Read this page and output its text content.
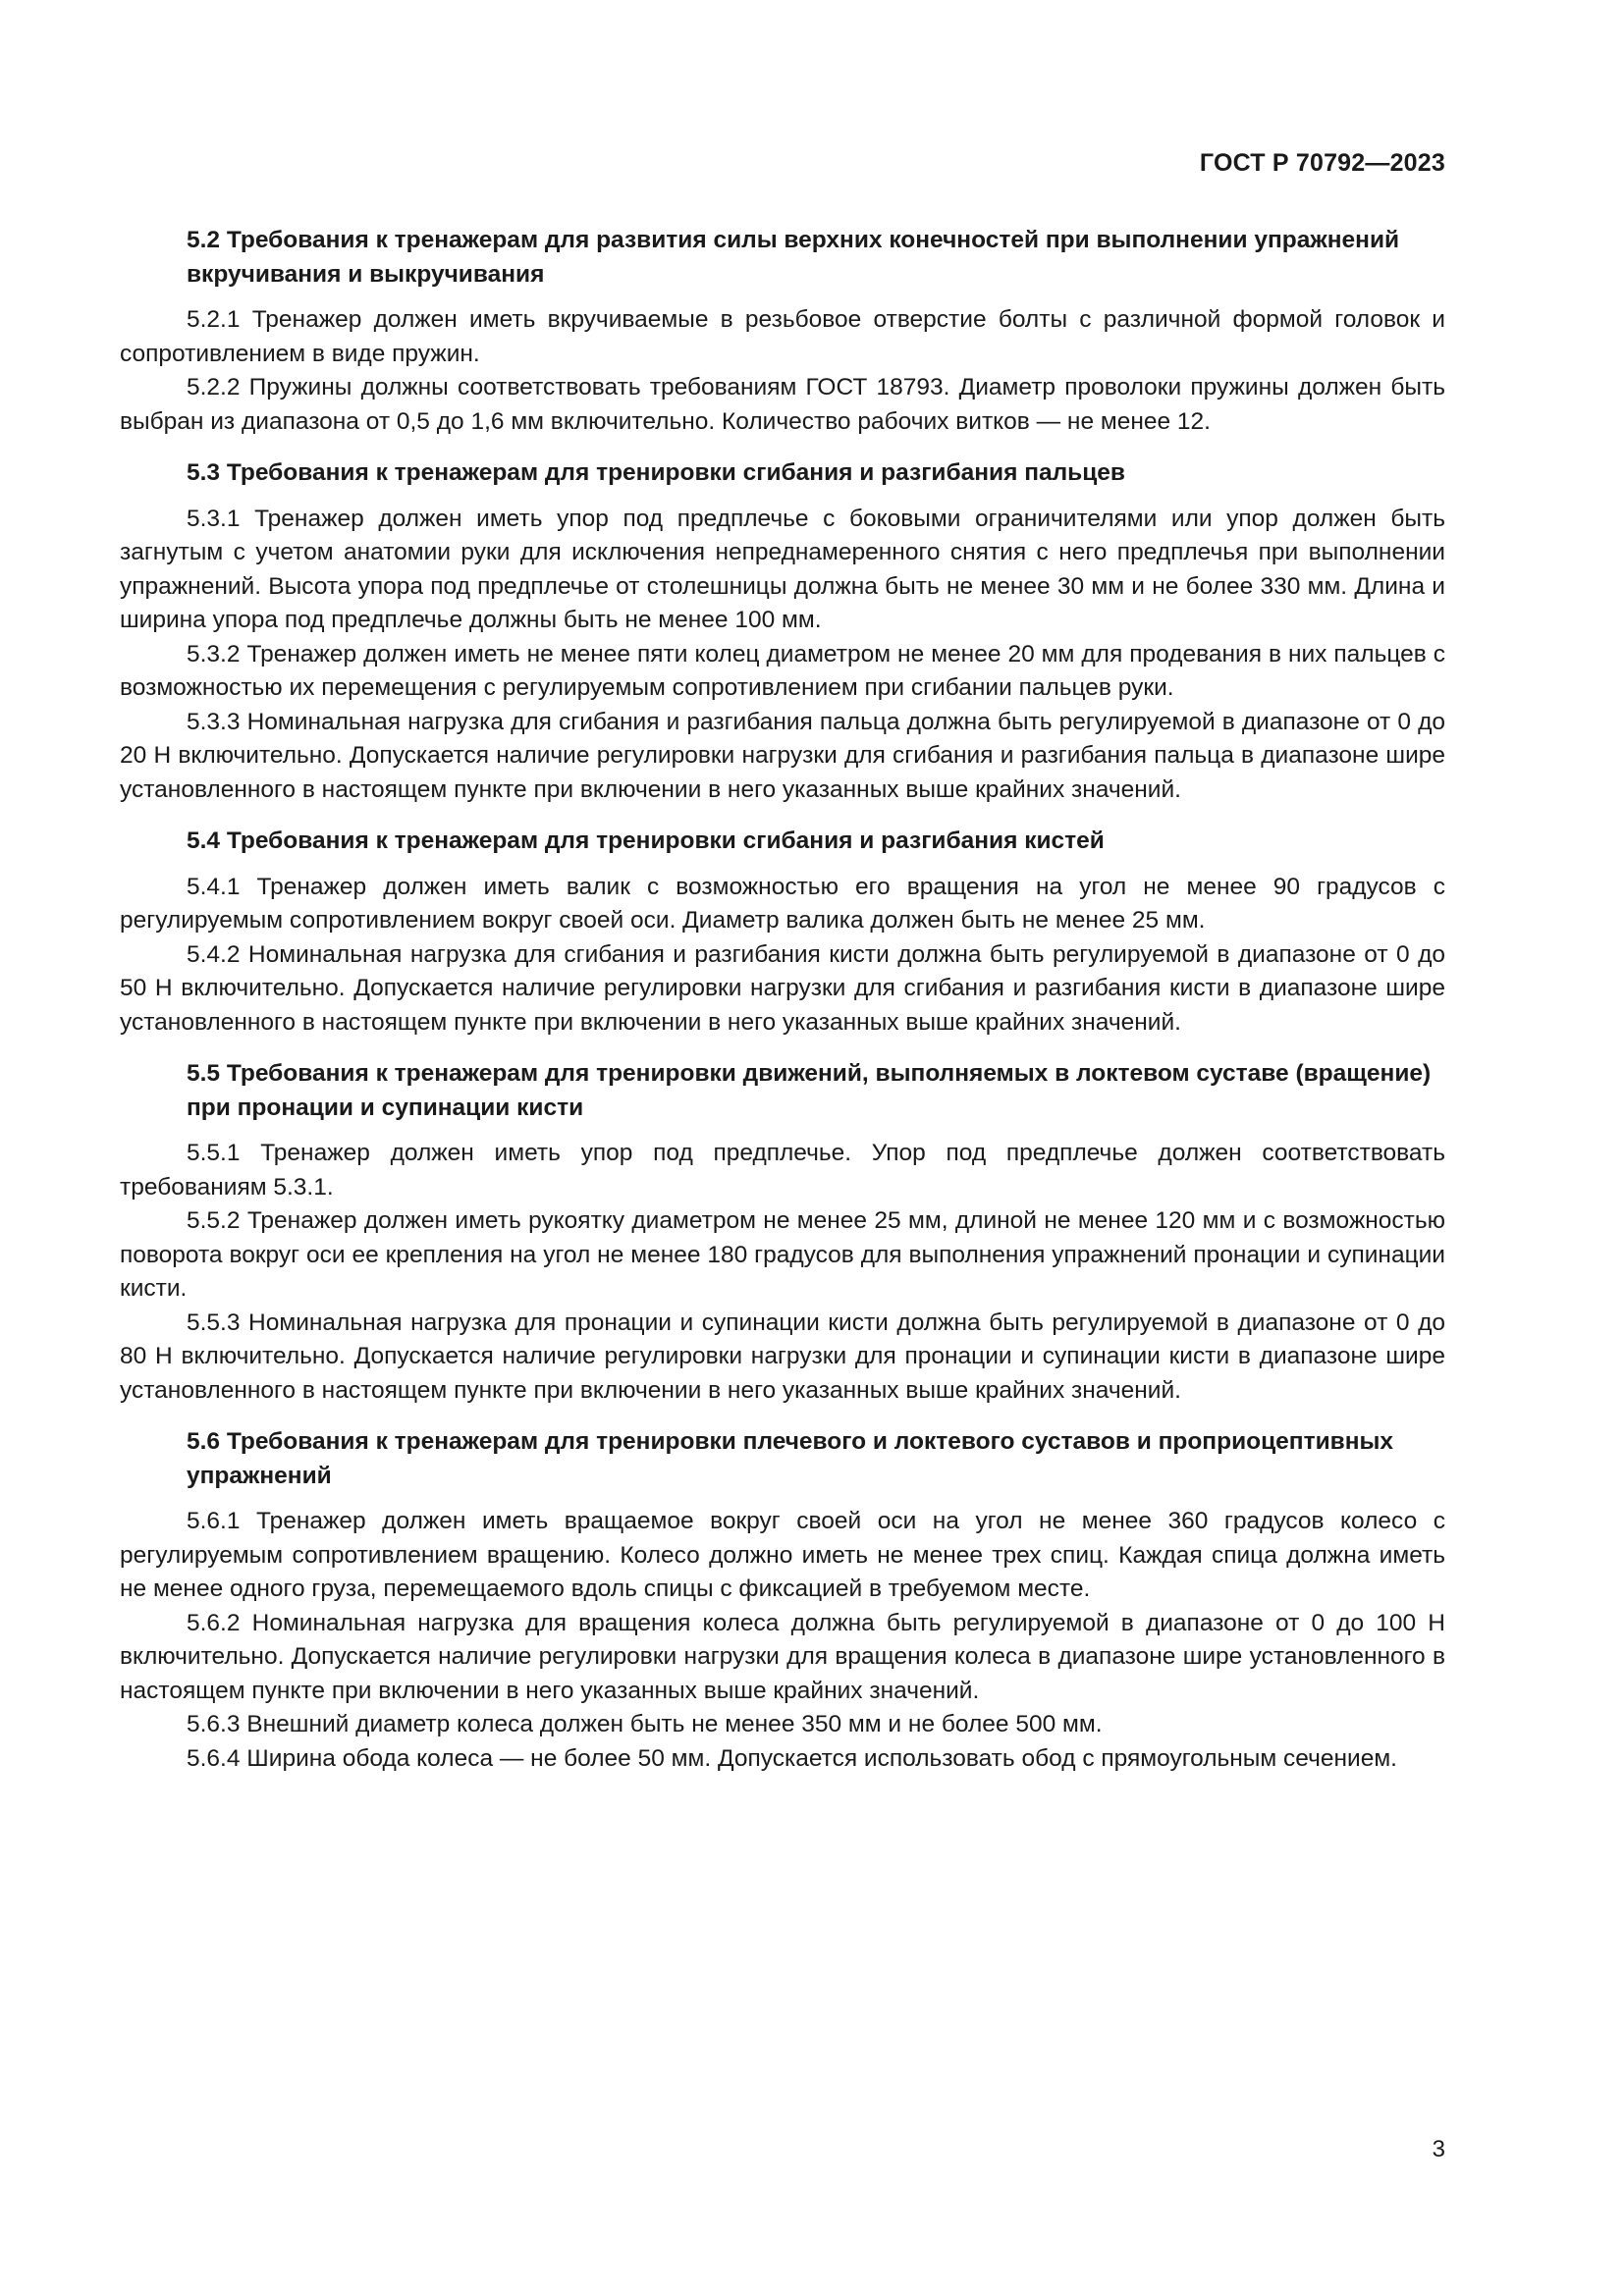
ГОСТ Р 70792—2023

5.2 Требования к тренажерам для развития силы верхних конечностей при выполнении упражнений вкручивания и выкручивания

5.2.1 Тренажер должен иметь вкручиваемые в резьбовое отверстие болты с различной формой головок и сопротивлением в виде пружин.

5.2.2 Пружины должны соответствовать требованиям ГОСТ 18793. Диаметр проволоки пружины должен быть выбран из диапазона от 0,5 до 1,6 мм включительно. Количество рабочих витков — не менее 12.

5.3 Требования к тренажерам для тренировки сгибания и разгибания пальцев

5.3.1 Тренажер должен иметь упор под предплечье с боковыми ограничителями или упор должен быть загнутым с учетом анатомии руки для исключения непреднамеренного снятия с него предплечья при выполнении упражнений. Высота упора под предплечье от столешницы должна быть не менее 30 мм и не более 330 мм. Длина и ширина упора под предплечье должны быть не менее 100 мм.

5.3.2 Тренажер должен иметь не менее пяти колец диаметром не менее 20 мм для продевания в них пальцев с возможностью их перемещения с регулируемым сопротивлением при сгибании пальцев руки.

5.3.3 Номинальная нагрузка для сгибания и разгибания пальца должна быть регулируемой в диапазоне от 0 до 20 Н включительно. Допускается наличие регулировки нагрузки для сгибания и разгибания пальца в диапазоне шире установленного в настоящем пункте при включении в него указанных выше крайних значений.

5.4 Требования к тренажерам для тренировки сгибания и разгибания кистей

5.4.1 Тренажер должен иметь валик с возможностью его вращения на угол не менее 90 градусов с регулируемым сопротивлением вокруг своей оси. Диаметр валика должен быть не менее 25 мм.

5.4.2 Номинальная нагрузка для сгибания и разгибания кисти должна быть регулируемой в диапазоне от 0 до 50 Н включительно. Допускается наличие регулировки нагрузки для сгибания и разгибания кисти в диапазоне шире установленного в настоящем пункте при включении в него указанных выше крайних значений.

5.5 Требования к тренажерам для тренировки движений, выполняемых в локтевом суставе (вращение) при пронации и супинации кисти

5.5.1 Тренажер должен иметь упор под предплечье. Упор под предплечье должен соответствовать требованиям 5.3.1.

5.5.2 Тренажер должен иметь рукоятку диаметром не менее 25 мм, длиной не менее 120 мм и с возможностью поворота вокруг оси ее крепления на угол не менее 180 градусов для выполнения упражнений пронации и супинации кисти.

5.5.3 Номинальная нагрузка для пронации и супинации кисти должна быть регулируемой в диапазоне от 0 до 80 Н включительно. Допускается наличие регулировки нагрузки для пронации и супинации кисти в диапазоне шире установленного в настоящем пункте при включении в него указанных выше крайних значений.

5.6 Требования к тренажерам для тренировки плечевого и локтевого суставов и проприоцептивных упражнений

5.6.1 Тренажер должен иметь вращаемое вокруг своей оси на угол не менее 360 градусов колесо с регулируемым сопротивлением вращению. Колесо должно иметь не менее трех спиц. Каждая спица должна иметь не менее одного груза, перемещаемого вдоль спицы с фиксацией в требуемом месте.

5.6.2 Номинальная нагрузка для вращения колеса должна быть регулируемой в диапазоне от 0 до 100 Н включительно. Допускается наличие регулировки нагрузки для вращения колеса в диапазоне шире установленного в настоящем пункте при включении в него указанных выше крайних значений.

5.6.3 Внешний диаметр колеса должен быть не менее 350 мм и не более 500 мм.

5.6.4 Ширина обода колеса — не более 50 мм. Допускается использовать обод с прямоугольным сечением.

3
